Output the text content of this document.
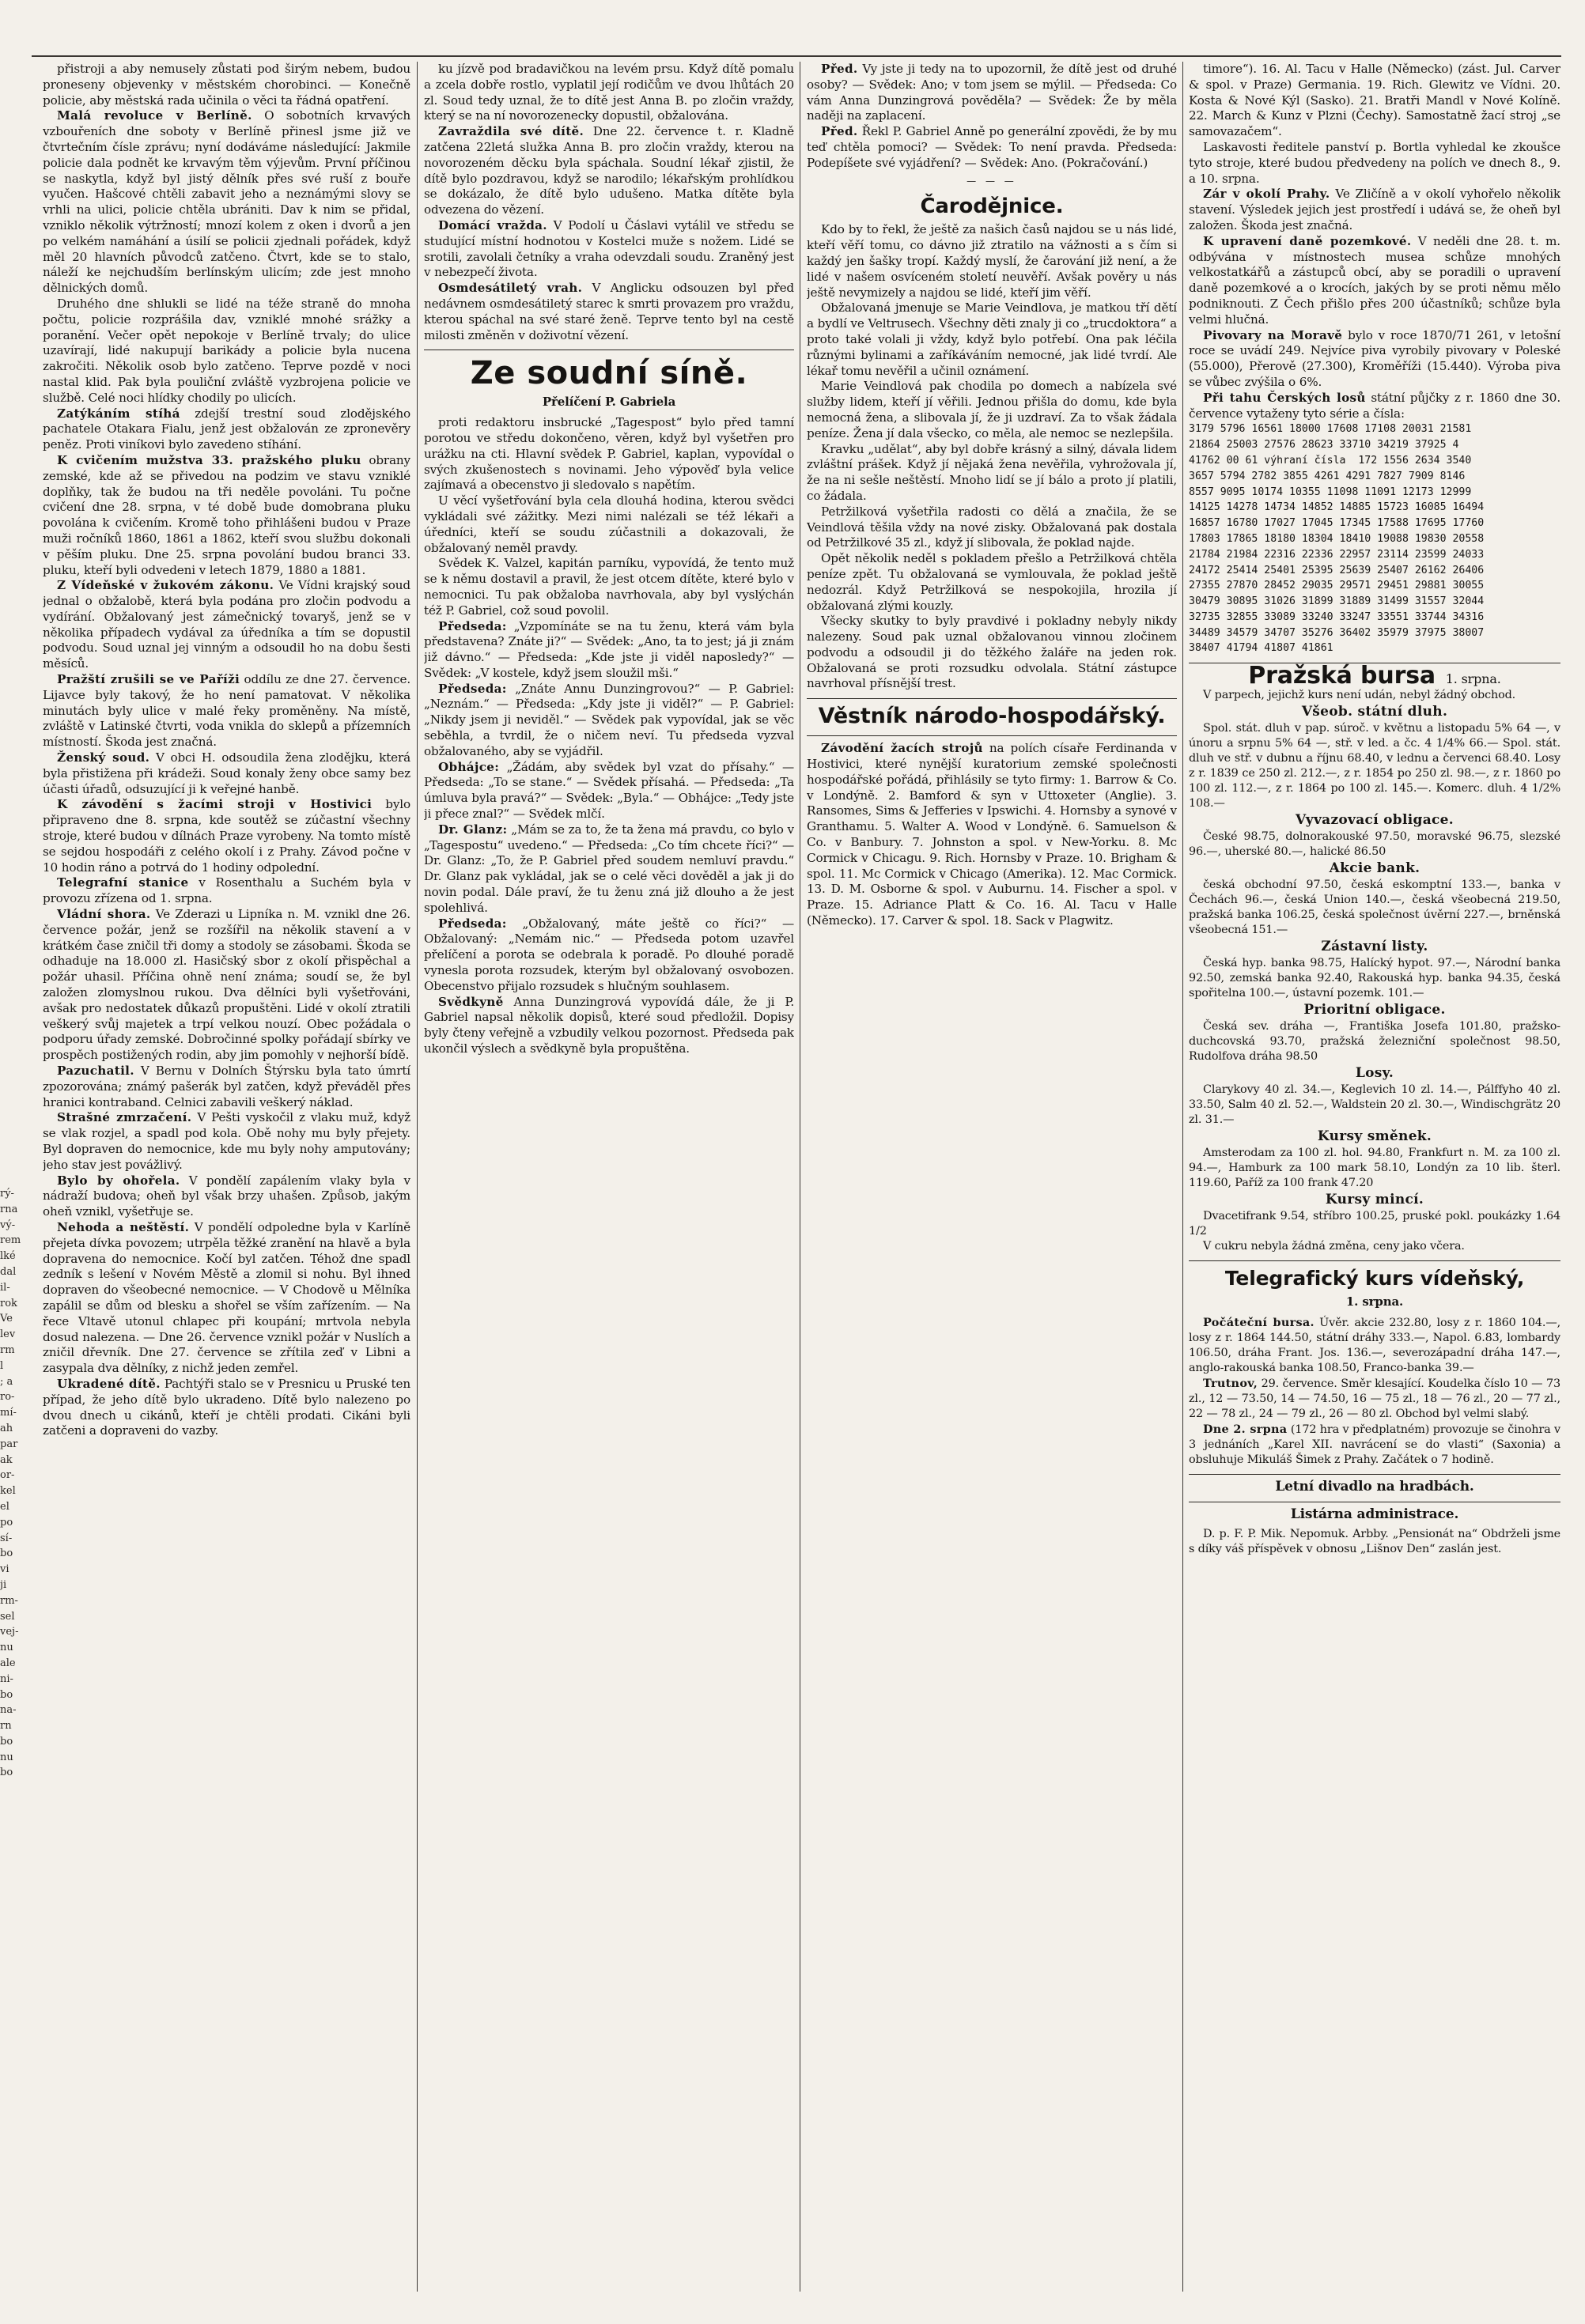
rý-
rna
vý-
rem
lké
dal
il-
rok
Ve
lev
rm
l
; a
ro-
mí-
ah
par
ak
or-
kel
el
po
sí-
bo
vi
ji
rm-
sel
vej-
nu
ale
ni-
bo
na-
rn
bo
nu
bo

přistroji a aby nemusely zůstati pod širým nebem, budou proneseny objevenky v městském chorobinci. — Konečně policie, aby městská rada učinila o věci ta řádná opatření.

Malá revoluce v Berlíně. O sobotních krvavých vzbouřeních dne soboty v Berlíně přinesl jsme již ve čtvrtečním čísle zprávu; nyní dodáváme následující: Jakmile policie dala podnět ke krvavým těm výjevům. První příčinou se naskytla, když byl jistý dělník přes své ruší z bouře vyučen. Hašcové chtěli zabavit jeho a neznámými slovy se vrhli na ulici, policie chtěla ubrániti. Dav k nim se přidal, vzniklo několik výtržností; mnozí kolem z oken i dvorů a jen po velkém namáhání a úsilí se policii zjednali pořádek, když měl 20 hlavních původců zatčeno. Čtvrt, kde se to stalo, náleží ke nejchudším berlínským ulicím; zde jest mnoho dělnických domů.

Druhého dne shlukli se lidé na téže straně do mnoha počtu, policie rozprášila dav, vzniklé mnohé srážky a poranění. Večer opět nepokoje v Berlíně trvaly; do ulice uzavírají, lidé nakupují barikády a policie byla nucena zakročiti. Několik osob bylo zatčeno. Teprve pozdě v noci nastal klid. Pak byla pouliční zvláště vyzbrojena policie ve službě. Celé noci hlídky chodily po ulicích.

Zatýkáním stíhá zdejší trestní soud zlodějského pachatele Otakara Fialu, jenž jest obžalován ze zpronevěry peněz. Proti viníkovi bylo zavedeno stíhání.

K cvičením mužstva 33. pražského pluku obrany zemské, kde až se přivedou na podzim ve stavu vzniklé doplňky, tak že budou na tři neděle povoláni. Tu počne cvičení dne 28. srpna, v té době bude domobrana pluku povolána k cvičením. Kromě toho přihlášeni budou v Praze muži ročníků 1860, 1861 a 1862, kteří svou službu dokonali v pěším pluku. Dne 25. srpna povolání budou branci 33. pluku, kteří byli odvedeni v letech 1879, 1880 a 1881.

Z Vídeňské v žukovém zákonu. Ve Vídni krajský soud jednal o obžalobě, která byla podána pro zločin podvodu a vydírání. Obžalovaný jest zámečnický tovaryš, jenž se v několika případech vydával za úředníka a tím se dopustil podvodu. Soud uznal jej vinným a odsoudil ho na dobu šesti měsíců.

Pražští zrušili se ve Paříži oddílu ze dne 27. července. Lijavce byly takový, že ho není pamatovat. V několika minutách byly ulice v malé řeky proměněny. Na místě, zvláště v Latinské čtvrti, voda vnikla do sklepů a přízemních místností. Škoda jest značná.

Ženský soud. V obci H. odsoudila žena zlodějku, která byla přistižena při krádeži. Soud konaly ženy obce samy bez účasti úřadů, odsuzující ji k veřejné hanbě.

K závodění s žacími stroji v Hostivici bylo připraveno dne 8. srpna, kde soutěž se zúčastní všechny stroje, které budou v dílnách Praze vyrobeny. Na tomto místě se sejdou hospodáři z celého okolí i z Prahy. Závod počne v 10 hodin ráno a potrvá do 1 hodiny odpolední.

Telegrafní stanice v Rosenthalu a Suchém byla v provozu zřízena od 1. srpna.

Vládní shora. Ve Zderazi u Lipníka n. M. vznikl dne 26. července požár, jenž se rozšířil na několik stavení a v krátkém čase zničil tři domy a stodoly se zásobami. Škoda se odhaduje na 18.000 zl. Hasičský sbor z okolí přispěchal a požár uhasil. Příčina ohně není známa; soudí se, že byl založen zlomyslnou rukou. Dva dělníci byli vyšetřováni, avšak pro nedostatek důkazů propuštěni. Lidé v okolí ztratili veškerý svůj majetek a trpí velkou nouzí. Obec požádala o podporu úřady zemské. Dobročinné spolky pořádají sbírky ve prospěch postižených rodin, aby jim pomohly v nejhorší bídě.

Pazuchatil. V Bernu v Dolních Štýrsku byla tato úmrtí zpozorována; známý pašerák byl zatčen, když převáděl přes hranici kontraband. Celnici zabavili veškerý náklad.

Strašné zmrzačení. V Pešti vyskočil z vlaku muž, když se vlak rozjel, a spadl pod kola. Obě nohy mu byly přejety. Byl dopraven do nemocnice, kde mu byly nohy amputovány; jeho stav jest povážlivý.

Bylo by ohořela. V pondělí zapálením vlaky byla v nádraží budova; oheň byl však brzy uhašen. Způsob, jakým oheň vznikl, vyšetřuje se.

Nehoda a neštěstí. V pondělí odpoledne byla v Karlíně přejeta dívka povozem; utrpěla těžké zranění na hlavě a byla dopravena do nemocnice. Kočí byl zatčen. Téhož dne spadl zedník s lešení v Novém Městě a zlomil si nohu. Byl ihned dopraven do všeobecné nemocnice. — V Chodově u Mělníka zapálil se dům od blesku a shořel se vším zařízením. — Na řece Vltavě utonul chlapec při koupání; mrtvola nebyla dosud nalezena. — Dne 26. července vznikl požár v Nuslích a zničil dřevník. Dne 27. července se zřítila zeď v Libni a zasypala dva dělníky, z nichž jeden zemřel.

Ukradené dítě. Pachtýři stalo se v Presnicu u Pruské ten případ, že jeho dítě bylo ukradeno. Dítě bylo nalezeno po dvou dnech u cikánů, kteří je chtěli prodati. Cikáni byli zatčeni a dopraveni do vazby.

ku jízvě pod bradavičkou na levém prsu. Když dítě pomalu a zcela dobře rostlo, vyplatil její rodičům ve dvou lhůtách 20 zl. Soud tedy uznal, že to dítě jest Anna B. po zločin vraždy, který se na ní novorozenecky dopustil, obžalována.

Zavraždila své dítě. Dne 22. července t. r. Kladně zatčena 22letá služka Anna B. pro zločin vraždy, kterou na novorozeném děcku byla spáchala. Soudní lékař zjistil, že dítě bylo pozdravou, když se narodilo; lékařským prohlídkou se dokázalo, že dítě bylo udušeno. Matka dítěte byla odvezena do vězení.

Domácí vražda. V Podolí u Čáslavi vytálil ve středu se studující místní hodnotou v Kostelci muže s nožem. Lidé se srotili, zavolali četníky a vraha odevzdali soudu. Zraněný jest v nebezpečí života.

Osmdesátiletý vrah. V Anglicku odsouzen byl před nedávnem osmdesátiletý starec k smrti provazem pro vraždu, kterou spáchal na své staré ženě. Teprve tento byl na cestě milosti změněn v doživotní vězení.

Ze soudní síně.
Přelíčení P. Gabriela

proti redaktoru insbrucké „Tagespost“ bylo před tamní porotou ve středu dokončeno, věren, když byl vyšetřen pro urážku na cti. Hlavní svědek P. Gabriel, kaplan, vypovídal o svých zkušenostech s novinami. Jeho výpověď byla velice zajímavá a obecenstvo ji sledovalo s napětím.

U věcí vyšetřování byla cela dlouhá hodina, kterou svědci vykládali své zážitky. Mezi nimi nalézali se též lékaři a úředníci, kteří se soudu zúčastnili a dokazovali, že obžalovaný neměl pravdy.

Svědek K. Valzel, kapitán parníku, vypovídá, že tento muž se k němu dostavil a pravil, že jest otcem dítěte, které bylo v nemocnici. Tu pak obžaloba navrhovala, aby byl vyslýchán též P. Gabriel, což soud povolil.

Předseda: „Vzpomínáte se na tu ženu, která vám byla představena? Znáte ji?“ — Svědek: „Ano, ta to jest; já ji znám již dávno.“ — Předseda: „Kde jste ji viděl naposledy?“ — Svědek: „V kostele, když jsem sloužil mši.“

Předseda: „Znáte Annu Dunzingrovou?“ — P. Gabriel: „Neznám.“ — Předseda: „Kdy jste ji viděl?“ — P. Gabriel: „Nikdy jsem ji neviděl.“ — Svědek pak vypovídal, jak se věc seběhla, a tvrdil, že o ničem neví. Tu předseda vyzval obžalovaného, aby se vyjádřil.

Obhájce: „Žádám, aby svědek byl vzat do přísahy.“ — Předseda: „To se stane.“ — Svědek přísahá. — Předseda: „Ta úmluva byla pravá?“ — Svědek: „Byla.“ — Obhájce: „Tedy jste ji přece znal?“ — Svědek mlčí.

Dr. Glanz: „Mám se za to, že ta žena má pravdu, co bylo v „Tagespostu“ uvedeno.“ — Předseda: „Co tím chcete říci?“ — Dr. Glanz: „To, že P. Gabriel před soudem nemluví pravdu.“ Dr. Glanz pak vykládal, jak se o celé věci dověděl a jak ji do novin podal. Dále praví, že tu ženu zná již dlouho a že jest spolehlivá.

Předseda: „Obžalovaný, máte ještě co říci?“ — Obžalovaný: „Nemám nic.“ — Předseda potom uzavřel přelíčení a porota se odebrala k poradě. Po dlouhé poradě vynesla porota rozsudek, kterým byl obžalovaný osvobozen. Obecenstvo přijalo rozsudek s hlučným souhlasem.

Svědkyně Anna Dunzingrová vypovídá dále, že ji P. Gabriel napsal několik dopisů, které soud předložil. Dopisy byly čteny veřejně a vzbudily velkou pozornost. Předseda pak ukončil výslech a svědkyně byla propuštěna.

Před. Vy jste ji tedy na to upozornil, že dítě jest od druhé osoby? — Svědek: Ano; v tom jsem se mýlil. — Předseda: Co vám Anna Dunzingrová pověděla? — Svědek: Že by měla naději na zaplacení.

Před. Řekl P. Gabriel Anně po generální zpovědi, že by mu teď chtěla pomoci? — Svědek: To není pravda. Předseda: Podepíšete své vyjádření? — Svědek: Ano. (Pokračování.)

— — —
Čarodějnice.

Kdo by to řekl, že ještě za našich časů najdou se u nás lidé, kteří věří tomu, co dávno již ztratilo na vážnosti a s čím si každý jen šašky tropí. Každý myslí, že čarování již není, a že lidé v našem osvíceném století neuvěří. Avšak pověry u nás ještě nevymizely a najdou se lidé, kteří jim věří.

Obžalovaná jmenuje se Marie Veindlova, je matkou tří dětí a bydlí ve Veltrusech. Všechny děti znaly ji co „trucdoktora“ a proto také volali ji vždy, když bylo potřebí. Ona pak léčila různými bylinami a zaříkáváním nemocné, jak lidé tvrdí. Ale lékař tomu nevěřil a učinil oznámení.

Marie Veindlová pak chodila po domech a nabízela své služby lidem, kteří jí věřili. Jednou přišla do domu, kde byla nemocná žena, a slibovala jí, že ji uzdraví. Za to však žádala peníze. Žena jí dala všecko, co měla, ale nemoc se nezlepšila.

Kravku „udělat“, aby byl dobře krásný a silný, dávala lidem zvláštní prášek. Když jí nějaká žena nevěřila, vyhrožovala jí, že na ni sešle neštěstí. Mnoho lidí se jí bálo a proto jí platili, co žádala.

Petržilková vyšetřila radosti co dělá a značila, že se Veindlová těšila vždy na nové zisky. Obžalovaná pak dostala od Petržilkové 35 zl., když jí slibovala, že poklad najde.

Opět několik neděl s pokladem přešlo a Petržilková chtěla peníze zpět. Tu obžalovaná se vymlouvala, že poklad ještě nedozrál. Když Petržilková se nespokojila, hrozila jí obžalovaná zlými kouzly.

Všecky skutky to byly pravdivé i pokladny nebyly nikdy nalezeny. Soud pak uznal obžalovanou vinnou zločinem podvodu a odsoudil ji do těžkého žaláře na jeden rok. Obžalovaná se proti rozsudku odvolala. Státní zástupce navrhoval přísnější trest.

Věstník národo-hospodářský.

Závodění žacích strojů na polích císaře Ferdinanda v Hostivici, které nynější kuratorium zemské společnosti hospodářské pořádá, přihlásily se tyto firmy: 1. Barrow & Co. v Londýně. 2. Bamford & syn v Uttoxeter (Anglie). 3. Ransomes, Sims & Jefferies v Ipswichi. 4. Hornsby a synové v Granthamu. 5. Walter A. Wood v Londýně. 6. Samuelson & Co. v Banbury. 7. Johnston a spol. v New-Yorku. 8. Mc Cormick v Chicagu. 9. Rich. Hornsby v Praze. 10. Brigham & spol. 11. Mc Cormick v Chicago (Amerika). 12. Mac Cormick. 13. D. M. Osborne & spol. v Auburnu. 14. Fischer a spol. v Praze. 15. Adriance Platt & Co. 16. Al. Tacu v Halle (Německo). 17. Carver & spol. 18. Sack v Plagwitz.

timore“). 16. Al. Tacu v Halle (Německo) (zást. Jul. Carver & spol. v Praze) Germania. 19. Rich. Glewitz ve Vídni. 20. Kosta & Nové Kýl (Sasko). 21. Bratři Mandl v Nové Kolíně. 22. March & Kunz v Plzni (Čechy). Samostatně žací stroj „se samovazačem“.

Laskavosti ředitele panství p. Bortla vyhledal ke zkoušce tyto stroje, které budou předvedeny na polích ve dnech 8., 9. a 10. srpna.

Zár v okolí Prahy. Ve Zličíně a v okolí vyhořelo několik stavení. Výsledek jejich jest prostředí i udává se, že oheň byl založen. Škoda jest značná.

K upravení daně pozemkové. V neděli dne 28. t. m. odbývána v místnostech musea schůze mnohých velkostatkářů a zástupců obcí, aby se poradili o upravení daně pozemkové a o krocích, jakých by se proti němu mělo podniknouti. Z Čech přišlo přes 200 účastníků; schůze byla velmi hlučná.

Pivovary na Moravě bylo v roce 1870/71 261, v letošní roce se uvádí 249. Nejvíce piva vyrobily pivovary v Poleské (55.000), Přerově (27.300), Kroměříži (15.440). Výroba piva se vůbec zvýšila o 6%.

Při tahu Čerských losů státní půjčky z r. 1860 dne 30. července vytaženy tyto série a čísla:

3179 5796 16561 18000 17608 17108 20031 21581
21864 25003 27576 28623 33710 34219 37925 4
41762 00 61 výhraní čísla  172 1556 2634 3540
3657 5794 2782 3855 4261 4291 7827 7909 8146
8557 9095 10174 10355 11098 11091 12173 12999
14125 14278 14734 14852 14885 15723 16085 16494
16857 16780 17027 17045 17345 17588 17695 17760
17803 17865 18180 18304 18410 19088 19830 20558
21784 21984 22316 22336 22957 23114 23599 24033
24172 25414 25401 25395 25639 25407 26162 26406
27355 27870 28452 29035 29571 29451 29881 30055
30479 30895 31026 31899 31889 31499 31557 32044
32735 32855 33089 33240 33247 33551 33744 34316
34489 34579 34707 35276 36402 35979 37975 38007
38407 41794 41807 41861
Pražská bursa 1. srpna.

V parpech, jejichž kurs není udán, nebyl žádný obchod.

Všeob. státní dluh.

Spol. stát. dluh v pap. súroč. v květnu a listopadu 5% 64 —, v únoru a srpnu 5% 64 —, stř. v led. a čc. 4 1/4% 66.— Spol. stát. dluh ve stř. v dubnu a říjnu 68.40, v lednu a červenci 68.40. Losy z r. 1839 ce 250 zl. 212.—, z r. 1854 po 250 zl. 98.—, z r. 1860 po 100 zl. 112.—, z r. 1864 po 100 zl. 145.—. Komerc. dluh. 4 1/2% 108.—

Vyvazovací obligace.

České 98.75, dolnorakouské 97.50, moravské 96.75, slezské 96.—, uherské 80.—, halické 86.50

Akcie bank.

česká obchodní 97.50, česká eskomptní 133.—, banka v Čechách 96.—, česká Union 140.—, česká všeobecná 219.50, pražská banka 106.25, česká společnost úvěrní 227.—, brněnská všeobecná 151.—

Zástavní listy.

Česká hyp. banka 98.75, Halícký hypot. 97.—, Národní banka 92.50, zemská banka 92.40, Rakouská hyp. banka 94.35, česká spořitelna 100.—, ústavní pozemk. 101.—

Prioritní obligace.

Česká sev. dráha —, Františka Josefa 101.80, pražsko-duchcovská 93.70, pražská železniční společnost 98.50, Rudolfova dráha 98.50

Losy.

Clarykovy 40 zl. 34.—, Keglevich 10 zl. 14.—, Pálffyho 40 zl. 33.50, Salm 40 zl. 52.—, Waldstein 20 zl. 30.—, Windischgrätz 20 zl. 31.—

Kursy směnek.

Amsterodam za 100 zl. hol. 94.80, Frankfurt n. M. za 100 zl. 94.—, Hamburk za 100 mark 58.10, Londýn za 10 lib. šterl. 119.60, Paříž za 100 frank 47.20

Kursy mincí.

Dvacetifrank 9.54, stříbro 100.25, pruské pokl. poukázky 1.64 1/2

V cukru nebyla žádná změna, ceny jako včera.

Telegrafický kurs vídeňský,
1. srpna.

Počáteční bursa. Úvěr. akcie 232.80, losy z r. 1860 104.—, losy z r. 1864 144.50, státní dráhy 333.—, Napol. 6.83, lombardy 106.50, dráha Frant. Jos. 136.—, severozápadní dráha 147.—, anglo-rakouská banka 108.50, Franco-banka 39.—

Trutnov, 29. července. Směr klesající. Koudelka číslo 10 — 73 zl., 12 — 73.50, 14 — 74.50, 16 — 75 zl., 18 — 76 zl., 20 — 77 zl., 22 — 78 zl., 24 — 79 zl., 26 — 80 zl. Obchod byl velmi slabý.

Dne 2. srpna (172 hra v předplatném) provozuje se činohra v 3 jednáních „Karel XII. navrácení se do vlasti“ (Saxonia) a obsluhuje Mikuláš Šimek z Prahy. Začátek o 7 hodině.

Letní divadlo na hradbách.
Listárna administrace.

D. p. F. P. Mik. Nepomuk. Arbby. „Pensionát na“ Obdrželi jsme s díky váš příspěvek v obnosu „Lišnov Den“ zaslán jest.
